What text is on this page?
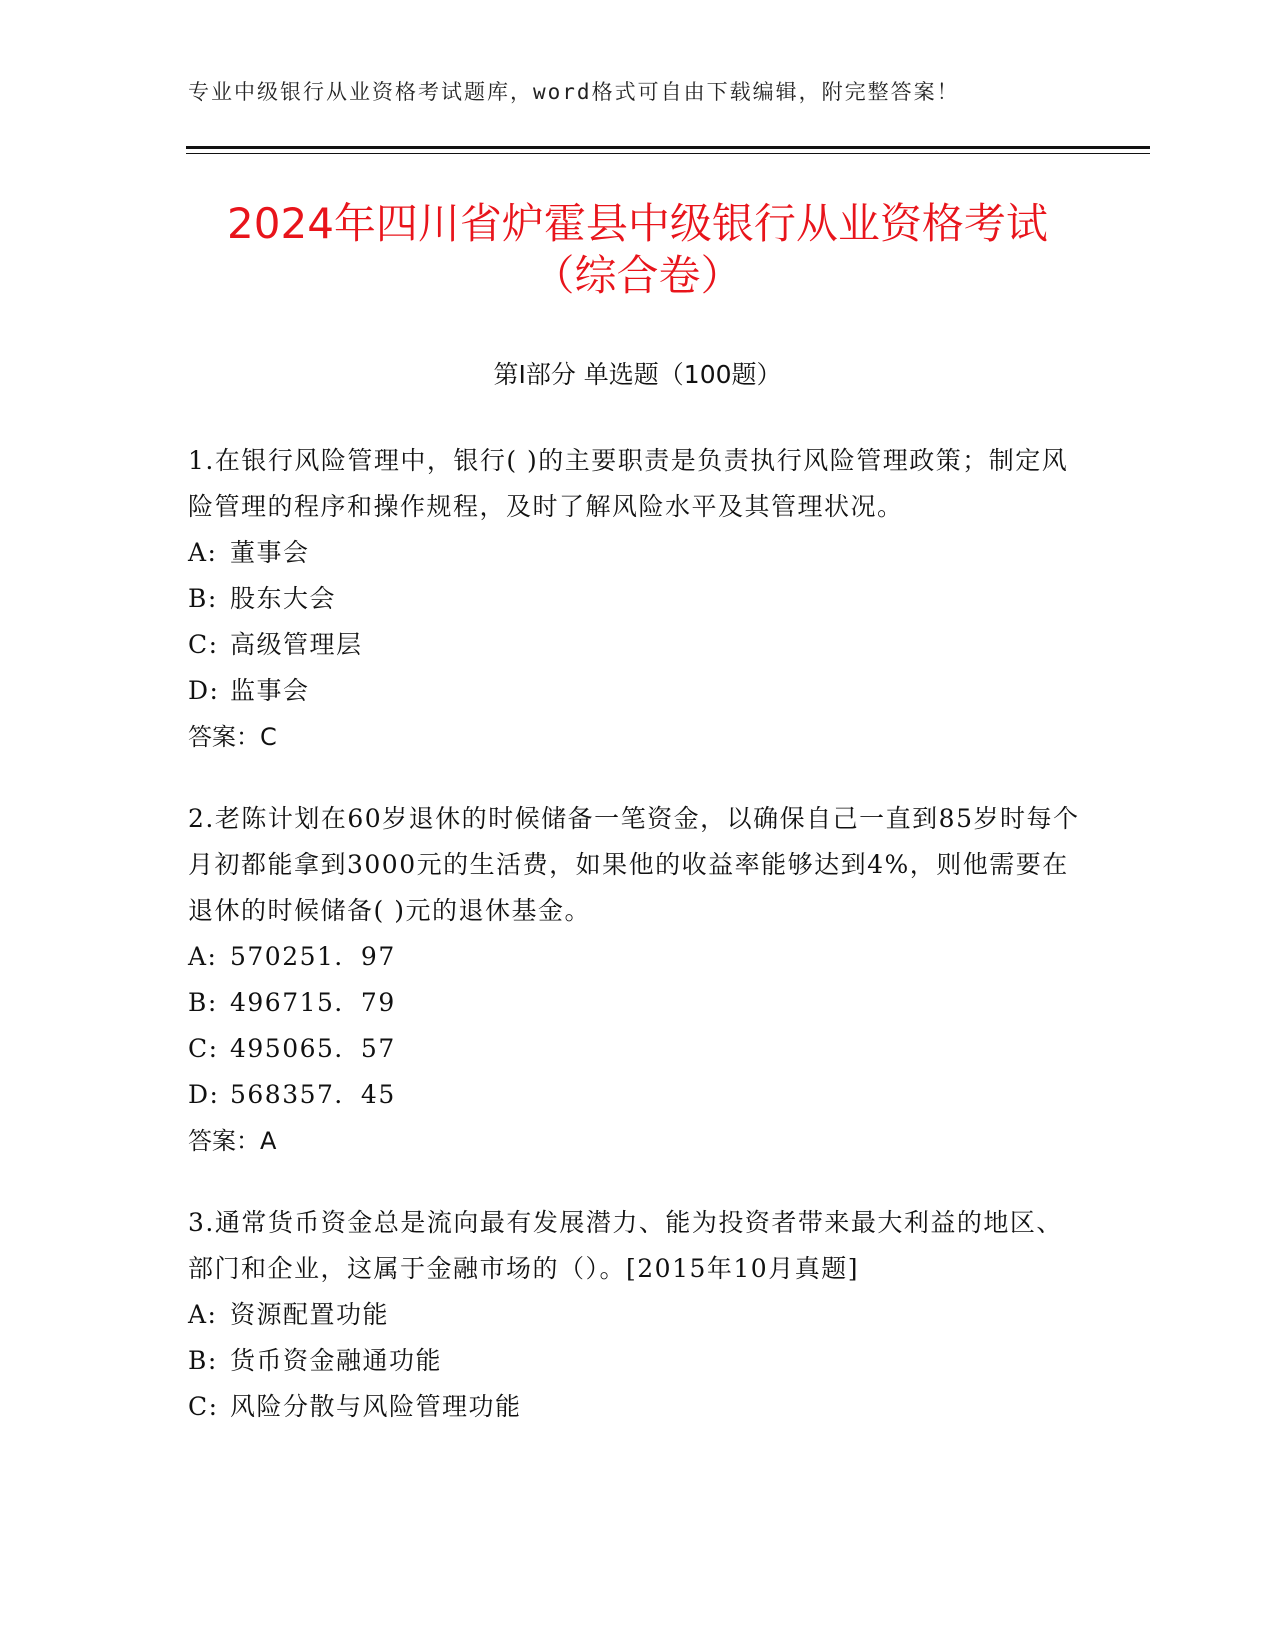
专业中级银行从业资格考试题库，word格式可自由下载编辑，附完整答案！
2024年四川省炉霍县中级银行从业资格考试
（综合卷）
第Ⅰ部分 单选题（100题）

1.在银行风险管理中，银行( )的主要职责是负责执行风险管理政策；制定风险管理的程序和操作规程，及时了解风险水平及其管理状况。

A: 董事会

B: 股东大会

C: 高级管理层

D: 监事会

答案：C

2.老陈计划在60岁退休的时候储备一笔资金，以确保自己一直到85岁时每个月初都能拿到3000元的生活费，如果他的收益率能够达到4%，则他需要在退休的时候储备( )元的退休基金。

A: 570251．97

B: 496715．79

C: 495065．57

D: 568357．45

答案：A

3.通常货币资金总是流向最有发展潜力、能为投资者带来最大利益的地区、部门和企业，这属于金融市场的（）。[2015年10月真题]

A: 资源配置功能

B: 货币资金融通功能

C: 风险分散与风险管理功能
